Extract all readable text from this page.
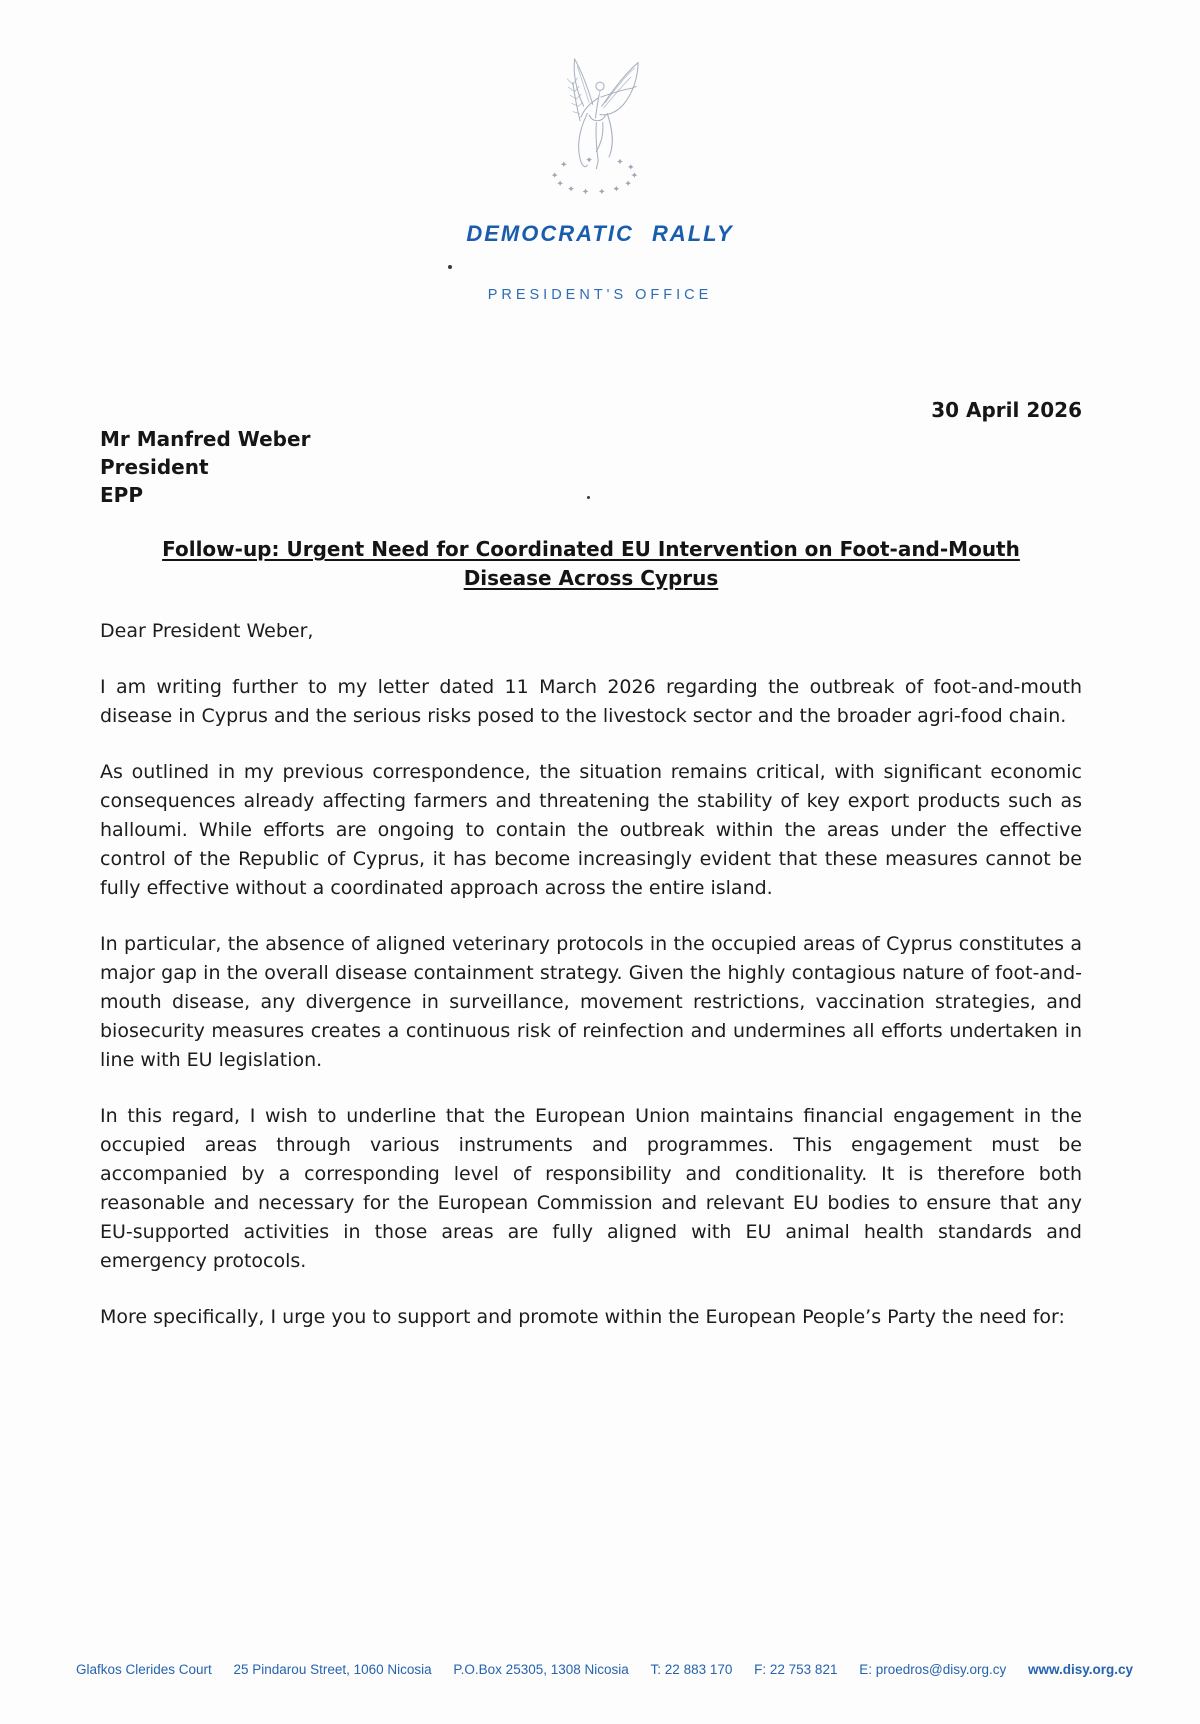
DEMOCRATIC RALLY
PRESIDENT'S OFFICE
30 April 2026
Mr Manfred Weber
President
EPP
Follow-up: Urgent Need for Coordinated EU Intervention on Foot-and-Mouth
Disease Across Cyprus
Dear President Weber,

I am writing further to my letter dated 11 March 2026 regarding the outbreak of foot-and-mouth disease in Cyprus and the serious risks posed to the livestock sector and the broader agri-food chain.

As outlined in my previous correspondence, the situation remains critical, with significant economic consequences already affecting farmers and threatening the stability of key export products such as halloumi. While efforts are ongoing to contain the outbreak within the areas under the effective control of the Republic of Cyprus, it has become increasingly evident that these measures cannot be fully effective without a coordinated approach across the entire island.

In particular, the absence of aligned veterinary protocols in the occupied areas of Cyprus constitutes a major gap in the overall disease containment strategy. Given the highly contagious nature of foot-and-mouth disease, any divergence in surveillance, movement restrictions, vaccination strategies, and biosecurity measures creates a continuous risk of reinfection and undermines all efforts undertaken in line with EU legislation.

In this regard, I wish to underline that the European Union maintains financial engagement in the occupied areas through various instruments and programmes. This engagement must be accompanied by a corresponding level of responsibility and conditionality. It is therefore both reasonable and necessary for the European Commission and relevant EU bodies to ensure that any EU-supported activities in those areas are fully aligned with EU animal health standards and emergency protocols.

More specifically, I urge you to support and promote within the European People’s Party the need for:

Glafkos Clerides Court 25 Pindarou Street, 1060 Nicosia P.O.Box 25305, 1308 Nicosia T: 22 883 170 F: 22 753 821 E: proedros@disy.org.cy www.disy.org.cy
